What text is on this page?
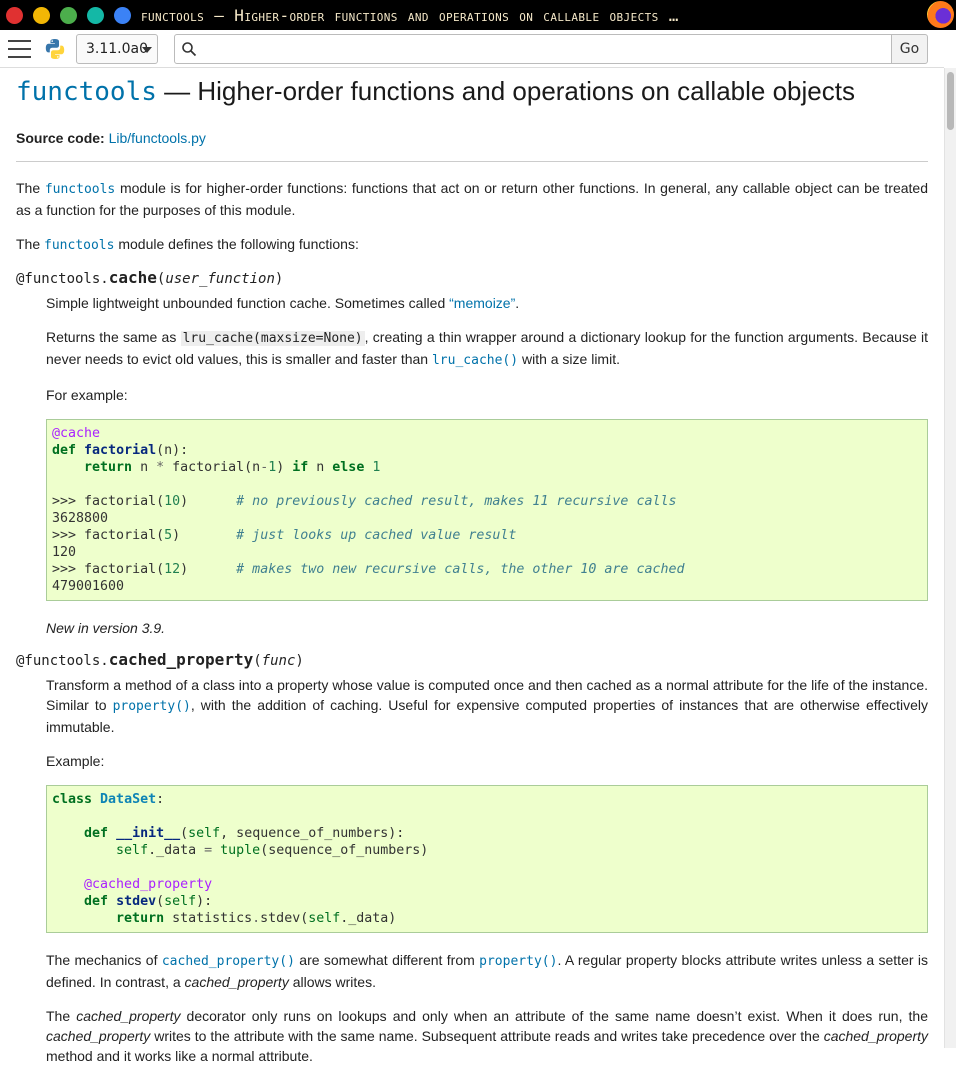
functools — Higher-order functions and operations on callable objects …
3.11.0a0	Go
functools — Higher-order functions and operations on callable objects
Source code: Lib/functools.py

The functools module is for higher-order functions: functions that act on or return other functions. In general, any callable object can be treated as a function for the purposes of this module.

The functools module defines the following functions:

@functools.cache(user_function)

Simple lightweight unbounded function cache. Sometimes called “memoize”.

Returns the same as lru_cache(maxsize=None) , creating a thin wrapper around a dictionary lookup for the function arguments. Because it never needs to evict old values, this is smaller and faster than lru_cache() with a size limit.

For example:

@cache
def factorial(n):
return n * factorial(n-1) if n else 1

>>> factorial(10)	# no previously cached result, makes 11 recursive calls
3628800
>>> factorial(5)	# just looks up cached value result
120
>>> factorial(12)	# makes two new recursive calls, the other 10 are cached
479001600

New in version 3.9.

@functools.cached_property(func)

Transform a method of a class into a property whose value is computed once and then cached as a normal attribute for the life of the instance. Similar to property(), with the addition of caching. Useful for expensive computed properties of instances that are otherwise effectively immutable.

Example:

class DataSet:

def __init__(self, sequence_of_numbers):
self._data = tuple(sequence_of_numbers)

@cached_property
def stdev(self):
return statistics.stdev(self._data)

The mechanics of cached_property() are somewhat different from property(). A regular property blocks attribute writes unless a setter is defined. In contrast, a cached_property allows writes.

The cached_property decorator only runs on lookups and only when an attribute of the same name doesn’t exist. When it does run, the cached_property writes to the attribute with the same name. Subsequent attribute reads and writes take precedence over the cached_property method and it works like a normal attribute.
